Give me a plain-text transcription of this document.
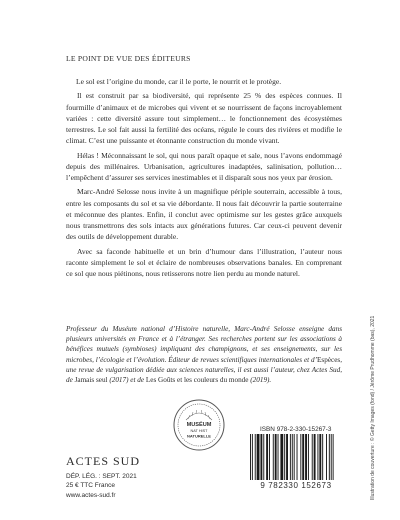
LE POINT DE VUE DES ÉDITEURS

Le sol est l’origine du monde, car il le porte, le nourrit et le protège.

Il est construit par sa biodiversité, qui représente 25 % des espèces connues. Il fourmille d’animaux et de microbes qui vivent et se nourrissent de façons incroyablement variées : cette diversité assure tout simplement… le fonctionnement des écosystèmes terrestres. Le sol fait aussi la fertilité des océans, régule le cours des rivières et modifie le climat. C’est une puissante et étonnante construction du monde vivant.

Hélas ! Méconnaissant le sol, qui nous paraît opaque et sale, nous l’avons endommagé depuis des millénaires. Urbanisation, agricultures inadaptées, salinisation, pollution… l’empêchent d’assurer ses services inestimables et il disparaît sous nos yeux par érosion.

Marc-André Selosse nous invite à un magnifique périple souterrain, accessible à tous, entre les composants du sol et sa vie débordante. Il nous fait découvrir la partie souterraine et méconnue des plantes. Enfin, il conclut avec optimisme sur les gestes grâce auxquels nous transmettrons des sols intacts aux générations futures. Car ceux-ci peuvent devenir des outils de développement durable.

Avec sa faconde habituelle et un brin d’humour dans l’illustration, l’auteur nous raconte simplement le sol et éclaire de nombreuses observations banales. En comprenant ce sol que nous piétinons, nous retisserons notre lien perdu au monde naturel.

Professeur du Muséum national d’Histoire naturelle, Marc-André Selosse enseigne dans plusieurs universités en France et à l’étranger. Ses recherches portent sur les associations à bénéfices mutuels (symbioses) impliquant des champignons, et ses enseignements, sur les microbes, l’écologie et l’évolution. Éditeur de revues scientifiques internationales et d’Espèces, une revue de vulgarisation dédiée aux sciences naturelles, il est aussi l’auteur, chez Actes Sud, de Jamais seul (2017) et de Les Goûts et les couleurs du monde (2019).
MUSÉUM
NAT HIST
NATURELLE
ISBN 978-2-330-15267-3
ACTES SUD
DÉP. LÉG. : SEPT. 2021
25 € TTC France
www.actes-sud.fr
9 782330 152673	Illustration de couverture : © Getty Images (fond) / Jérôme Prudhomme (bas), 2021
